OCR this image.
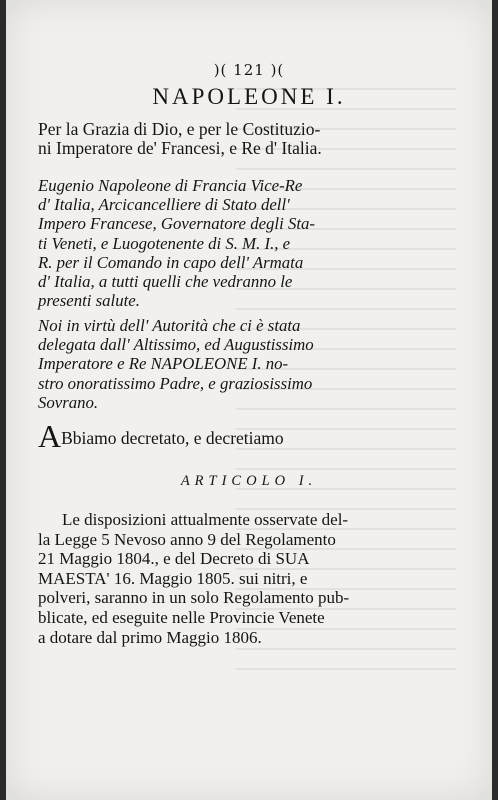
)( 121 )(
NAPOLEONE I.
Per la Grazia di Dio, e per le Costituzio-
ni Imperatore de' Francesi, e Re d' Italia.
Eugenio Napoleone di Francia Vice-Re
d' Italia, Arcicancelliere di Stato dell'
Impero Francese, Governatore degli Sta-
ti Veneti, e Luogotenente di S. M. I., e
R. per il Comando in capo dell' Armata
d' Italia, a tutti quelli che vedranno le
presenti salute.
Noi in virtù dell' Autorità che ci è stata
delegata dall' Altissimo, ed Augustissimo
Imperatore e Re NAPOLEONE I. no-
stro onoratissimo Padre, e graziosissimo
Sovrano.
ABbiamo decretato, e decretiamo
ARTICOLO I.
Le disposizioni attualmente osservate del-
la Legge 5 Nevoso anno 9 del Regolamento
21 Maggio 1804., e del Decreto di SUA
MAESTA' 16. Maggio 1805. sui nitri, e
polveri, saranno in un solo Regolamento pub-
blicate, ed eseguite nelle Provincie Venete
a dotare dal primo Maggio 1806.
